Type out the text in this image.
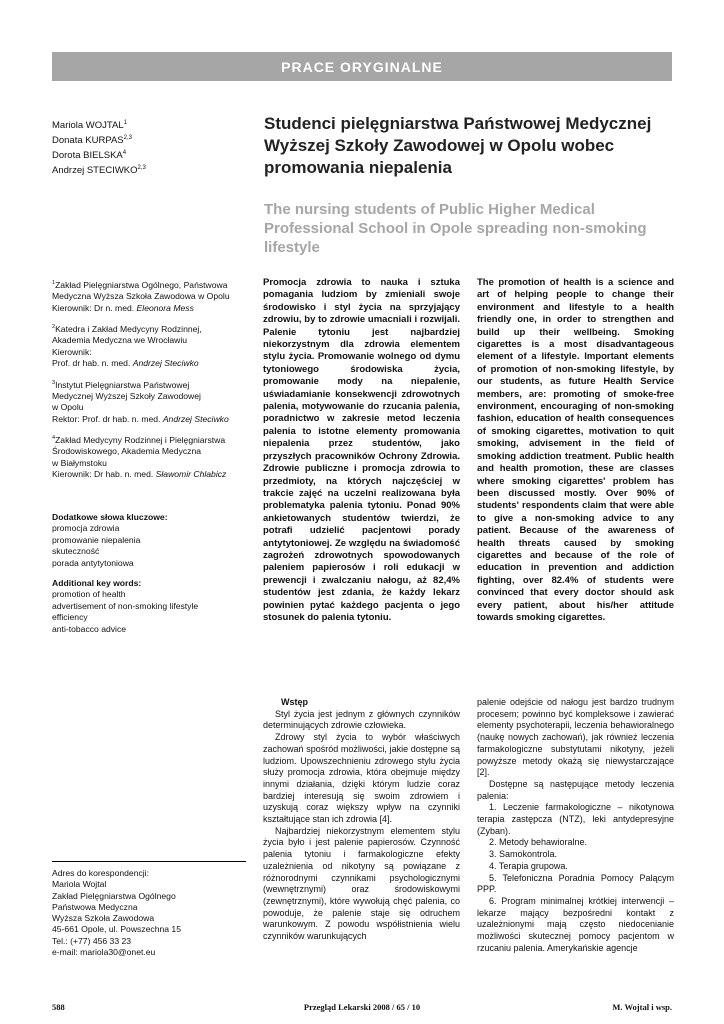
PRACE ORYGINALNE
Mariola WOJTAL$^1$
Donata KURPAS$^{2,3}$
Dorota BIELSKA$^4$
Andrzej STECIWKO$^{2,3}$
Studenci pielęgniarstwa Państwowej Medycznej Wyższej Szkoły Zawodowej w Opolu wobec promowania niepalenia
The nursing students of Public Higher Medical Professional School in Opole spreading non-smoking lifestyle

$^1$Zakład Pielęgniarstwa Ogólnego, Państwowa
Medyczna Wyższa Szkoła Zawodowa w Opolu
Kierownik: Dr n. med. Eleonora Mess

$^2$Katedra i Zakład Medycyny Rodzinnej,
Akademia Medyczna we Wrocławiu
Kierownik:
Prof. dr hab. n. med. Andrzej Steciwko

$^3$Instytut Pielęgniarstwa Państwowej
Medycznej Wyższej Szkoły Zawodowej
w Opolu
Rektor: Prof. dr hab. n. med. Andrzej Steciwko

$^4$Zakład Medycyny Rodzinnej i Pielęgniarstwa
Środowiskowego, Akademia Medyczna
w Białymstoku
Kierownik: Dr hab. n. med. Sławomir Chlabicz

Dodatkowe słowa kluczowe:
promocja zdrowia
promowanie niepalenia
skuteczność
porada antytytoniowa
Additional key words:
promotion of health
advertisement of non-smoking lifestyle
efficiency
anti-tobacco advice
Promocja zdrowia to nauka i sztuka pomagania ludziom by zmieniali swoje środowisko i styl życia na sprzyjający zdrowiu, by to zdrowie umacniali i rozwijali. Palenie tytoniu jest najbardziej niekorzystnym dla zdrowia elementem stylu życia. Promowanie wolnego od dymu tytoniowego środowiska życia, promowanie mody na niepalenie, uświadamianie konsekwencji zdrowotnych palenia, motywowanie do rzucania palenia, poradnictwo w zakresie metod leczenia palenia to istotne elementy promowania niepalenia przez studentów, jako przyszłych pracowników Ochrony Zdrowia. Zdrowie publiczne i promocja zdrowia to przedmioty, na których najczęściej w trakcie zajęć na uczelni realizowana była problematyka palenia tytoniu. Ponad 90% ankietowanych studentów twierdzi, że potrafi udzielić pacjentowi porady antytytoniowej. Ze względu na świadomość zagrożeń zdrowotnych spowodowanych paleniem papierosów i roli edukacji w prewencji i zwalczaniu nałogu, aż 82,4% studentów jest zdania, że każdy lekarz powinien pytać każdego pacjenta o jego stosunek do palenia tytoniu.
The promotion of health is a science and art of helping people to change their environment and lifestyle to a health friendly one, in order to strengthen and build up their wellbeing. Smoking cigarettes is a most disadvantageous element of a lifestyle. Important elements of promotion of non-smoking lifestyle, by our students, as future Health Service members, are: promoting of smoke-free environment, encouraging of non-smoking fashion, education of health consequences of smoking cigarettes, motivation to quit smoking, advisement in the field of smoking addiction treatment. Public health and health promotion, these are classes where smoking cigarettes' problem has been discussed mostly. Over 90% of students' respondents claim that were able to give a non-smoking advice to any patient. Because of the awareness of health threats caused by smoking cigarettes and because of the role of education in prevention and addiction fighting, over 82.4% of students were convinced that every doctor should ask every patient, about his/her attitude towards smoking cigarettes.
Wstęp

Styl życia jest jednym z głównych czynników determinujących zdrowie człowieka.

Zdrowy styl życia to wybór właściwych zachowań spośród możliwości, jakie dostępne są ludziom. Upowszechnieniu zdrowego stylu życia służy promocja zdrowia, która obejmuje między innymi działania, dzięki którym ludzie coraz bardziej interesują się swoim zdrowiem i uzyskują coraz większy wpływ na czynniki kształtujące stan ich zdrowia [4].

Najbardziej niekorzystnym elementem stylu życia było i jest palenie papierosów. Czynność palenia tytoniu i farmakologiczne efekty uzależnienia od nikotyny są powiązane z różnorodnymi czynnikami psychologicznymi (wewnętrznymi) oraz środowiskowymi (zewnętrznymi), które wywołują chęć palenia, co powoduje, że palenie staje się odruchem warunkowym. Z powodu współistnienia wielu czynników warunkujących

palenie odejście od nałogu jest bardzo trudnym procesem; powinno być kompleksowe i zawierać elementy psychoterapii, leczenia behawioralnego (naukę nowych zachowań), jak również leczenia farmakologiczne substytutami nikotyny, jeżeli powyższe metody okażą się niewystarczające [2].

Dostępne są następujące metody leczenia palenia:

1. Leczenie farmakologiczne – nikotynowa terapia zastępcza (NTZ), leki antydepresyjne (Zyban).

2. Metody behawioralne.

3. Samokontrola.

4. Terapia grupowa.

5. Telefoniczna Poradnia Pomocy Palącym PPP.

6. Program minimalnej krótkiej interwencji – lekarze mający bezpośredni kontakt z uzależnionymi mają często niedocenianie możliwości skutecznej pomocy pacjentom w rzucaniu palenia. Amerykańskie agencje

Adres do korespondencji:
Mariola Wojtal
Zakład Pielęgniarstwa Ogólnego
Państwowa Medyczna
Wyższa Szkoła Zawodowa
45-661 Opole, ul. Powszechna 15
Tel.: (+77) 456 33 23
e-mail: mariola30@onet.eu
588	Przegląd Lekarski 2008 / 65 / 10	M. Wojtal i wsp.
